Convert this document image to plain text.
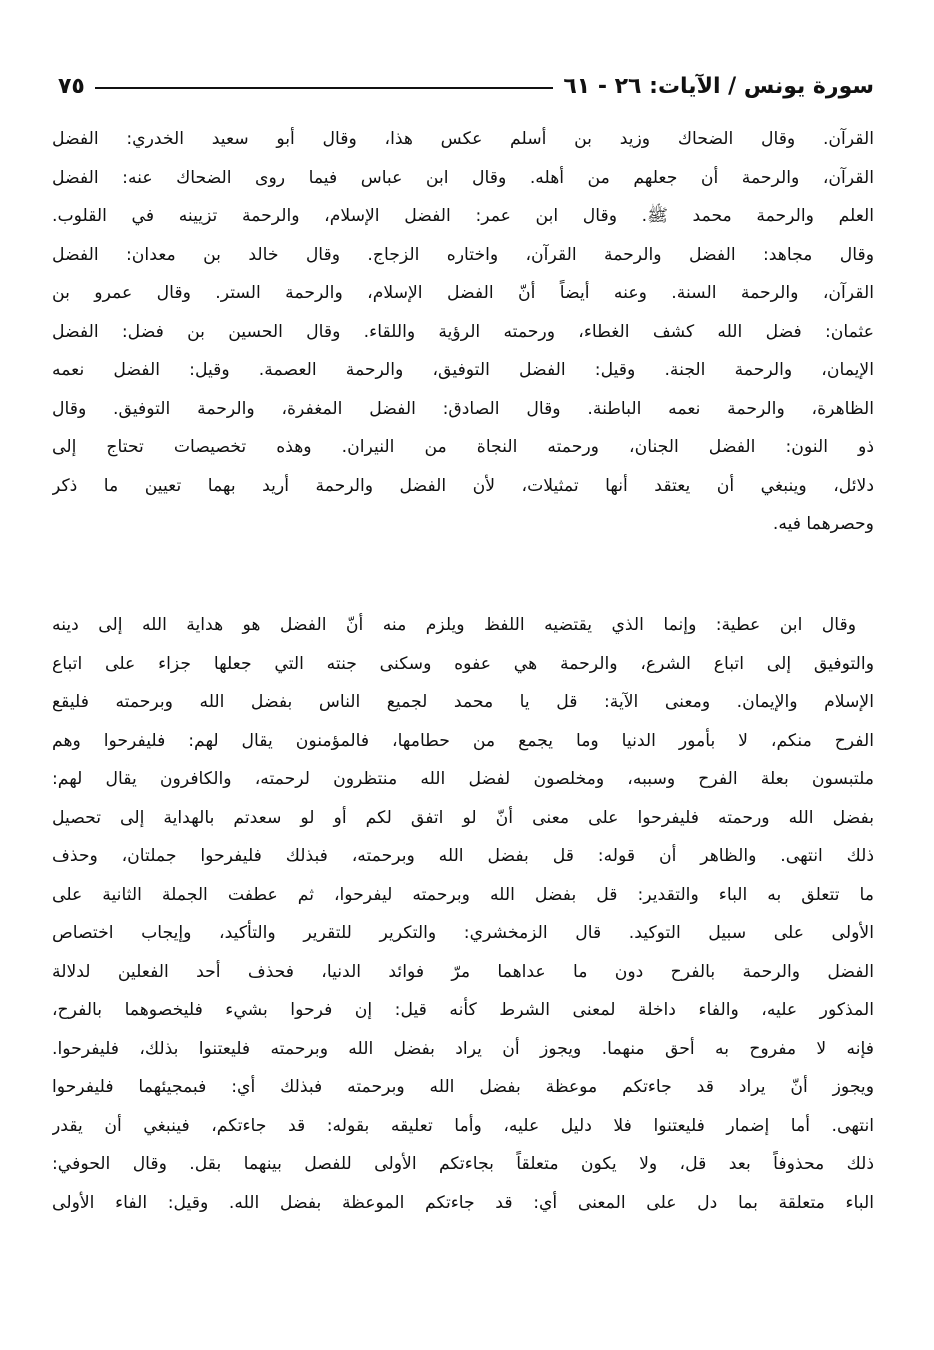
سورة يونس / الآيات: ٢٦ - ٦١
٧٥
القرآن. وقال الضحاك وزيد بن أسلم عكس هذا، وقال أبو سعيد الخدري: الفضل
القرآن، والرحمة أن جعلهم من أهله. وقال ابن عباس فيما روى الضحاك عنه: الفضل
العلم والرحمة محمد ﷺ. وقال ابن عمر: الفضل الإسلام، والرحمة تزيينه في القلوب.
وقال مجاهد: الفضل والرحمة القرآن، واختاره الزجاج. وقال خالد بن معدان: الفضل
القرآن، والرحمة السنة. وعنه أيضاً أنّ الفضل الإسلام، والرحمة الستر. وقال عمرو بن
عثمان: فضل الله كشف الغطاء، ورحمته الرؤية واللقاء. وقال الحسين بن فضل: الفضل
الإيمان، والرحمة الجنة. وقيل: الفضل التوفيق، والرحمة العصمة. وقيل: الفضل نعمه
الظاهرة، والرحمة نعمه الباطنة. وقال الصادق: الفضل المغفرة، والرحمة التوفيق. وقال
ذو النون: الفضل الجنان، ورحمته النجاة من النيران. وهذه تخصيصات تحتاج إلى
دلائل، وينبغي أن يعتقد أنها تمثيلات، لأن الفضل والرحمة أريد بهما تعيين ما ذكر
وحصرهما فيه.
وقال ابن عطية: وإنما الذي يقتضيه اللفظ ويلزم منه أنّ الفضل هو هداية الله إلى دينه
والتوفيق إلى اتباع الشرع، والرحمة هي عفوه وسكنى جنته التي جعلها جزاء على اتباع
الإسلام والإيمان. ومعنى الآية: قل يا محمد لجميع الناس بفضل الله وبرحمته فليقع
الفرح منكم، لا بأمور الدنيا وما يجمع من حطامها، فالمؤمنون يقال لهم: فليفرحوا وهم
ملتبسون بعلة الفرح وسببه، ومخلصون لفضل الله منتظرون لرحمته، والكافرون يقال لهم:
بفضل الله ورحمته فليفرحوا على معنى أنّ لو اتفق لكم أو لو سعدتم بالهداية إلى تحصيل
ذلك انتهى. والظاهر أن قوله: قل بفضل الله وبرحمته، فبذلك فليفرحوا جملتان، وحذف
ما تتعلق به الباء والتقدير: قل بفضل الله وبرحمته ليفرحوا، ثم عطفت الجملة الثانية على
الأولى على سبيل التوكيد. قال الزمخشري: والتكرير للتقرير والتأكيد، وإيجاب اختصاص
الفضل والرحمة بالفرح دون ما عداهما مرّ فوائد الدنيا، فحذف أحد الفعلين لدلالة
المذكور عليه، والفاء داخلة لمعنى الشرط كأنه قيل: إن فرحوا بشيء فليخصوهما بالفرح،
فإنه لا مفروح به أحق منهما. ويجوز أن يراد بفضل الله وبرحمته فليعتنوا بذلك، فليفرحوا.
ويجوز أنّ يراد قد جاءتكم موعظة بفضل الله وبرحمته فبذلك أي: فبمجيئهما فليفرحوا
انتهى. أما إضمار فليعتنوا فلا دليل عليه، وأما تعليقه بقوله: قد جاءتكم، فينبغي أن يقدر
ذلك محذوفاً بعد قل، ولا يكون متعلقاً بجاءتكم الأولى للفصل بينهما بقل. وقال الحوفي:
الباء متعلقة بما دل على المعنى أي: قد جاءتكم الموعظة بفضل الله. وقيل: الفاء الأولى
